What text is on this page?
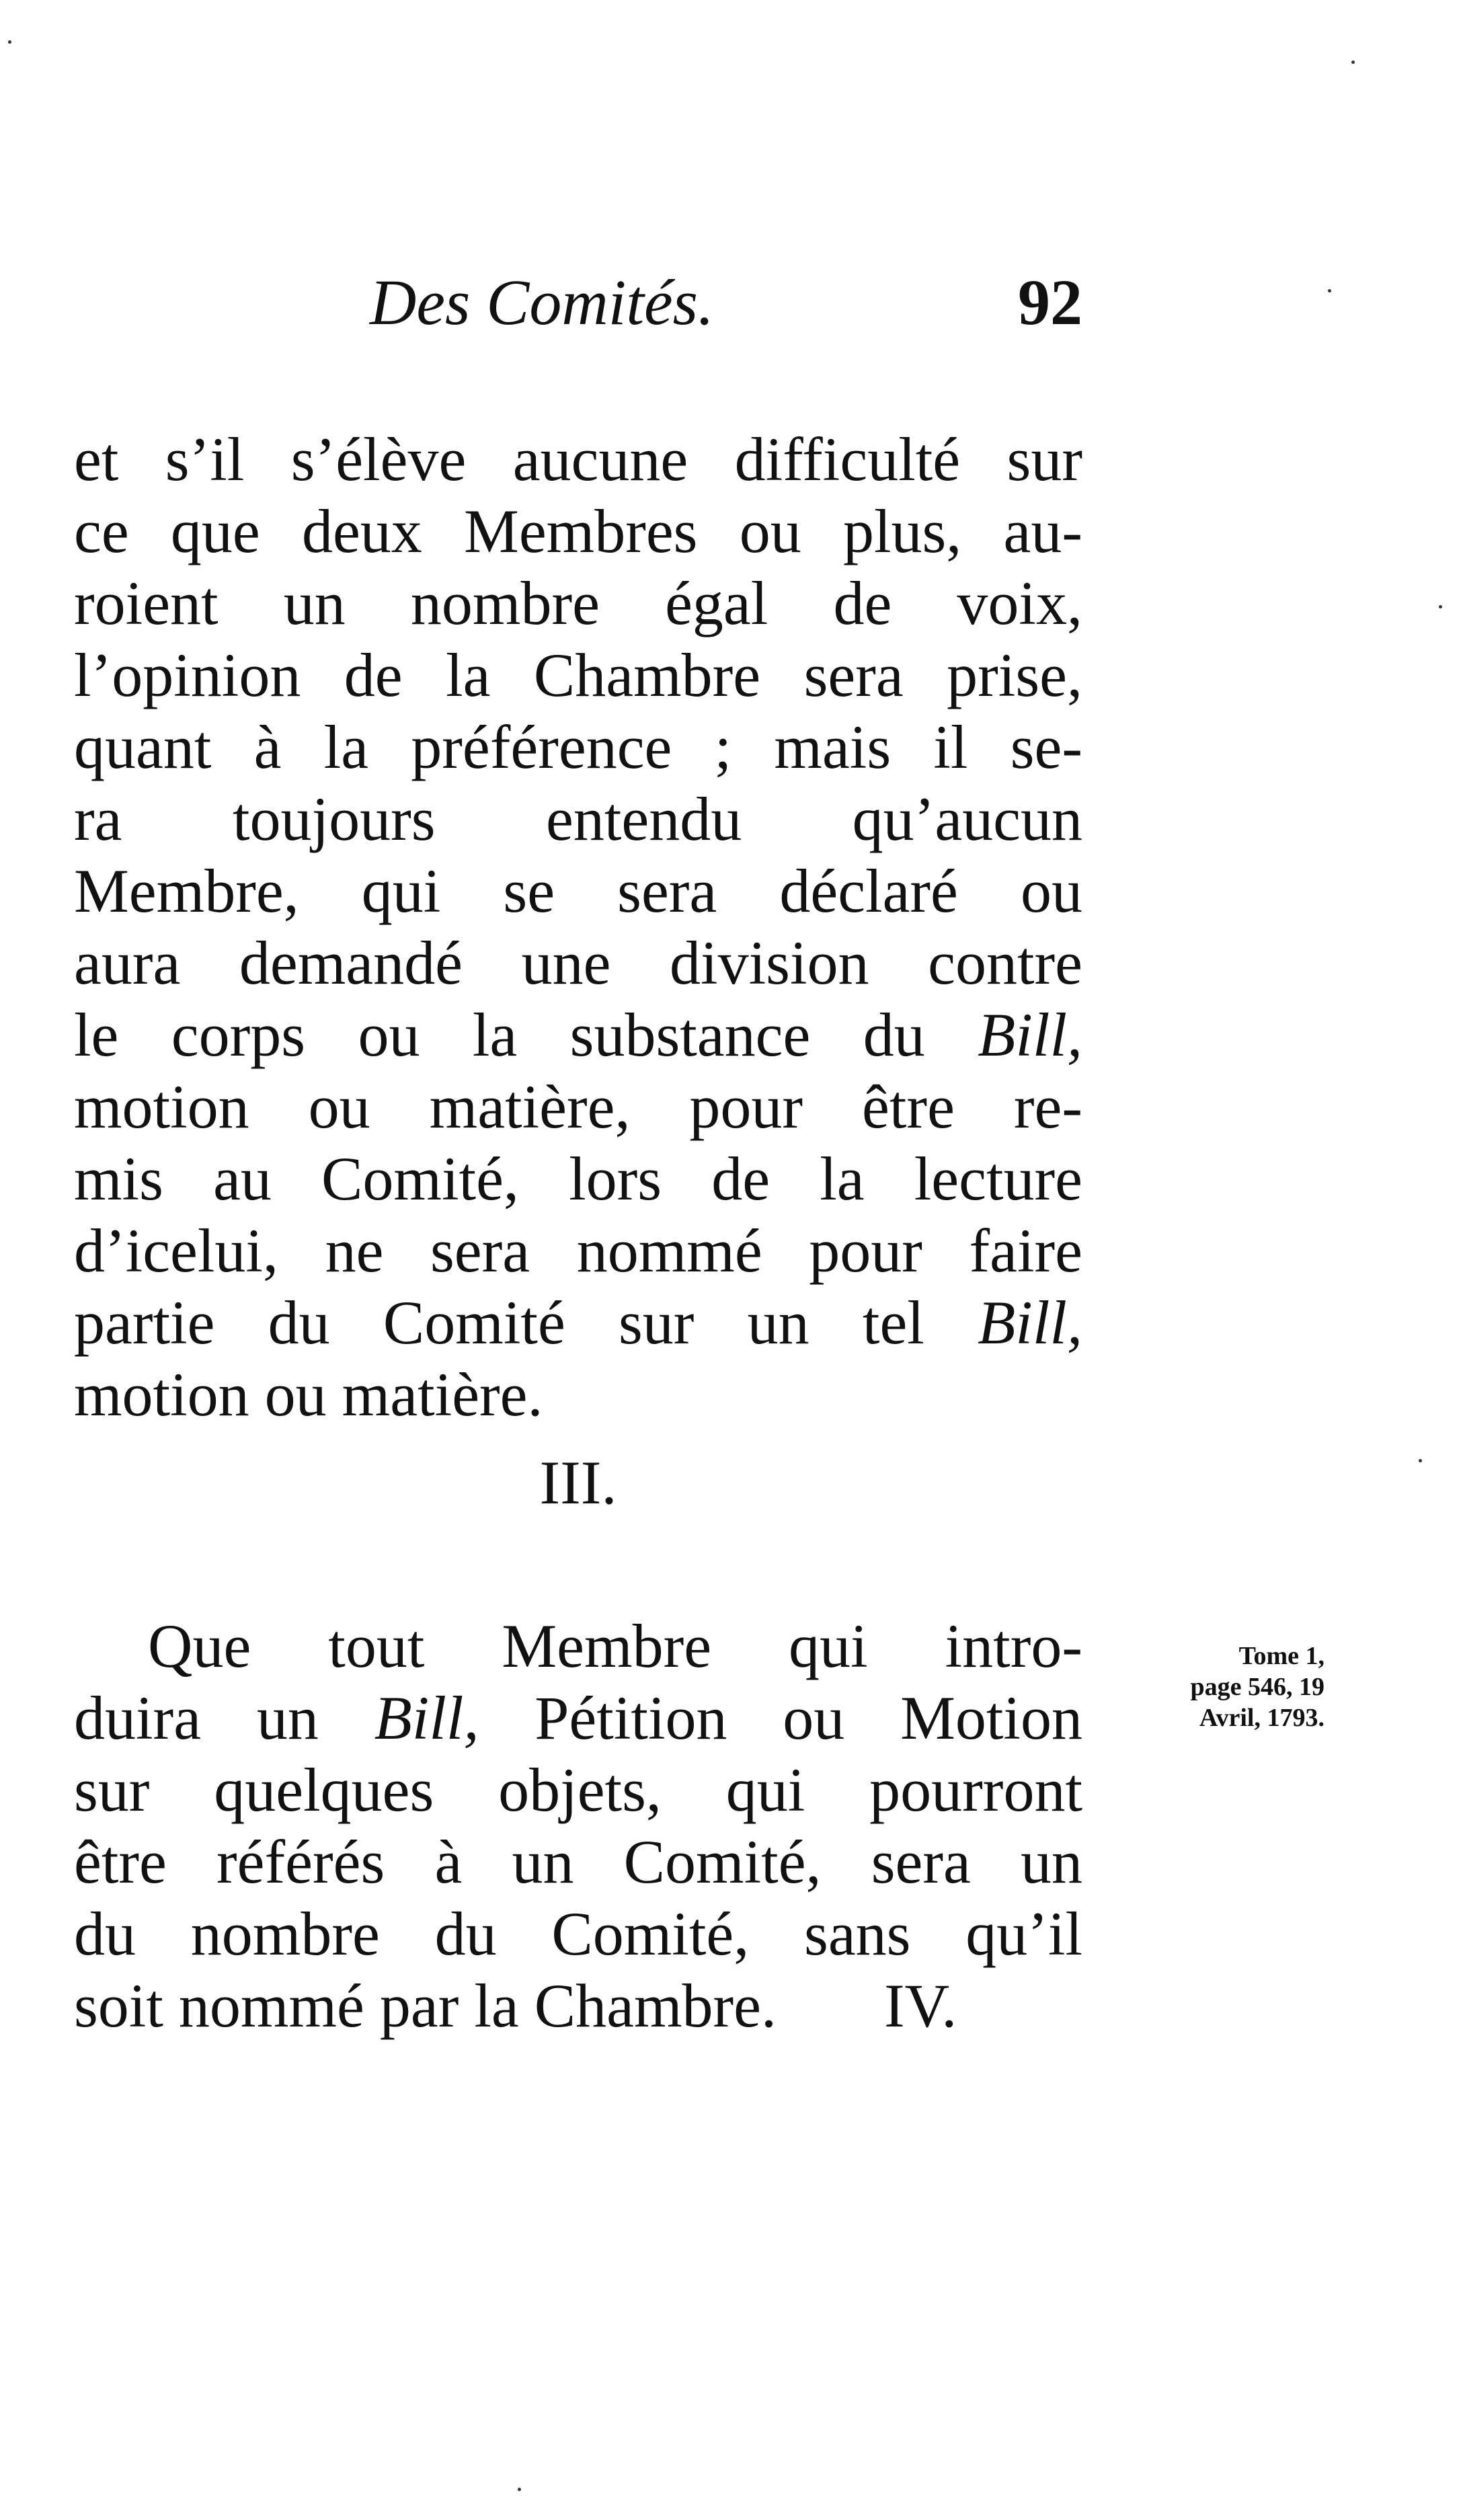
Des Comités.	92
et s’il s’élève aucune difficulté sur
ce que deux Membres ou plus, au-
roient un nombre égal de voix,
l’opinion de la Chambre sera prise,
quant à la préférence ; mais il se-
ra toujours entendu qu’aucun
Membre, qui se sera déclaré ou
aura demandé une division contre
le corps ou la substance du Bill,
motion ou matière, pour être re-
mis au Comité, lors de la lecture
d’icelui, ne sera nommé pour faire
partie du Comité sur un tel Bill,
motion ou matière.
III.
Que tout Membre qui intro-
duira un Bill, Pétition ou Motion
sur quelques objets, qui pourront
être référés à un Comité, sera un
du nombre du Comité, sans qu’il
soit nommé par la Chambre. IV.
Tome 1,
page 546, 19
Avril, 1793.
